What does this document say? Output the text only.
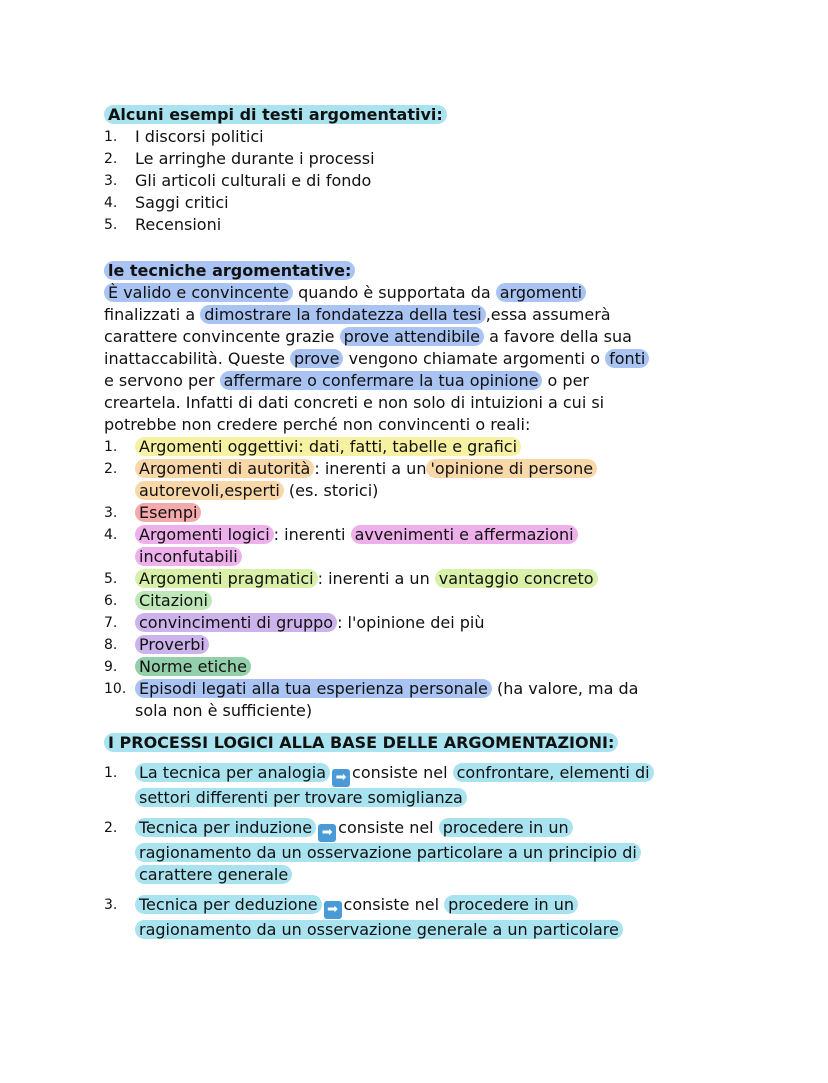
Alcuni esempi di testi argomentativi:
1.	I discorsi politici
2.	Le arringhe durante i processi
3.	Gli articoli culturali e di fondo
4.	Saggi critici
5.	Recensioni
le tecniche argomentative:
È valido e convincente quando è supportata da argomenti
finalizzati a dimostrare la fondatezza della tesi ,essa assumerà
carattere convincente grazie prove attendibile a favore della sua
inattaccabilità. Queste prove vengono chiamate argomenti o fonti
e servono per affermare o confermare la tua opinione o per
creartela. Infatti di dati concreti e non solo di intuizioni a cui si
potrebbe non credere perché non convincenti o reali:
1.	Argomenti oggettivi: dati, fatti, tabelle e grafici
2.	Argomenti di autorità : inerenti a un 'opinione di persone
autorevoli,esperti (es. storici)
3.	Esempi
4.	Argomenti logici : inerenti avvenimenti e affermazioni
inconfutabili
5.	Argomenti pragmatici : inerenti a un vantaggio concreto
6.	Citazioni
7.	convincimenti di gruppo : l'opinione dei più
8.	Proverbi
9.	Norme etiche
10. Episodi legati alla tua esperienza personale (ha valore, ma da
sola non è sufficiente)
I PROCESSI LOGICI ALLA BASE DELLE ARGOMENTAZIONI:
1.	La tecnica per analogia ➡ consiste nel confrontare, elementi di
settori differenti per trovare somiglianza
2.	Tecnica per induzione ➡ consiste nel procedere in un
ragionamento da un osservazione particolare a un principio di
carattere generale
3.	Tecnica per deduzione ➡ consiste nel procedere in un
ragionamento da un osservazione generale a un particolare
